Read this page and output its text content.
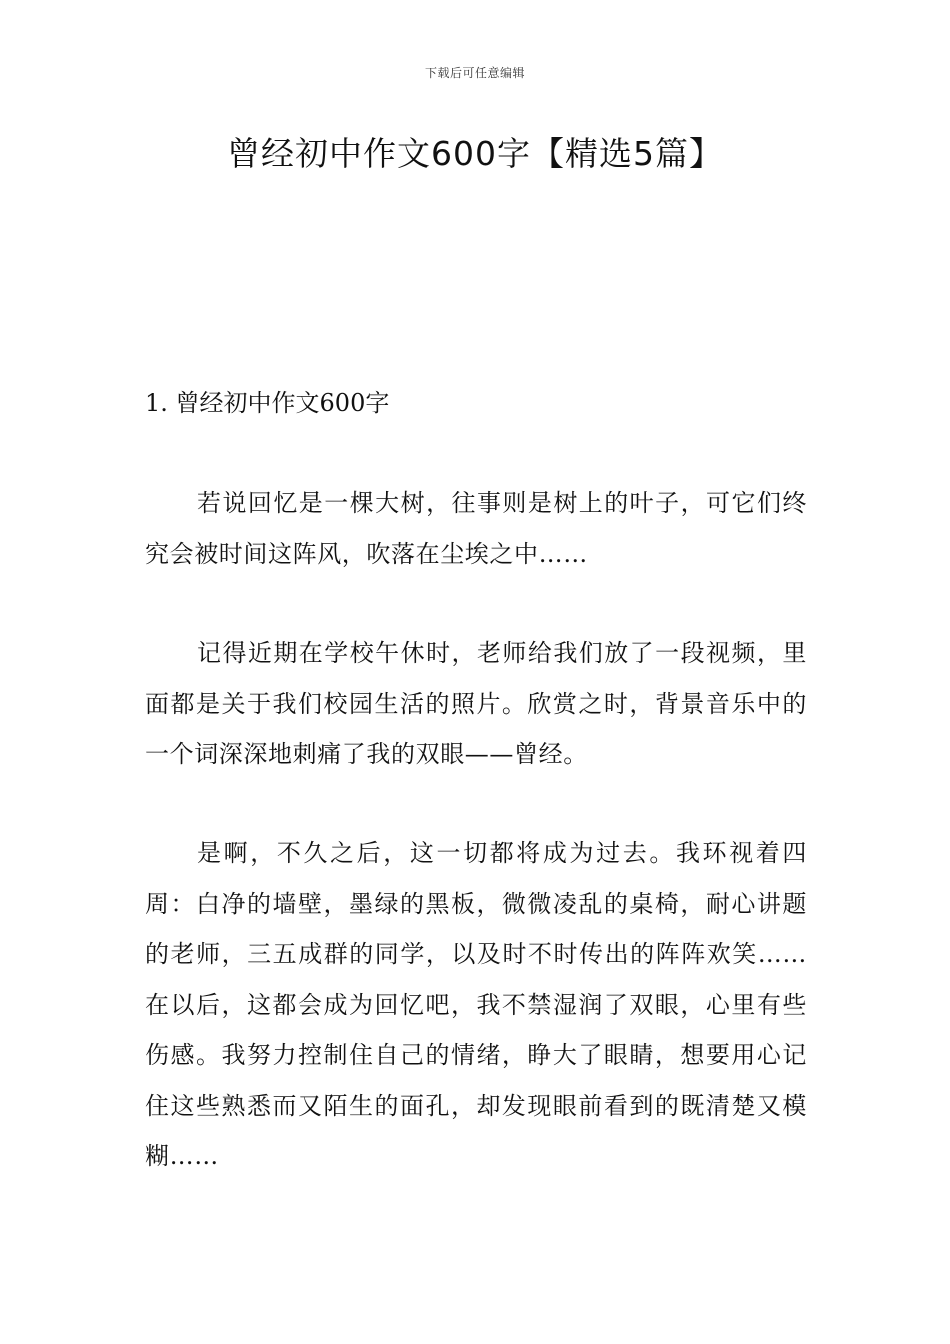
下载后可任意编辑
曾经初中作文600字【精选5篇】
1. 曾经初中作文600字

若说回忆是一棵大树，往事则是树上的叶子，可它们终究会被时间这阵风，吹落在尘埃之中……

记得近期在学校午休时，老师给我们放了一段视频，里面都是关于我们校园生活的照片。欣赏之时，背景音乐中的一个词深深地刺痛了我的双眼——曾经。

是啊，不久之后，这一切都将成为过去。我环视着四周：白净的墙壁，墨绿的黑板，微微凌乱的桌椅，耐心讲题的老师，三五成群的同学，以及时不时传出的阵阵欢笑……在以后，这都会成为回忆吧，我不禁湿润了双眼，心里有些伤感。我努力控制住自己的情绪，睁大了眼睛，想要用心记住这些熟悉而又陌生的面孔，却发现眼前看到的既清楚又模糊……
